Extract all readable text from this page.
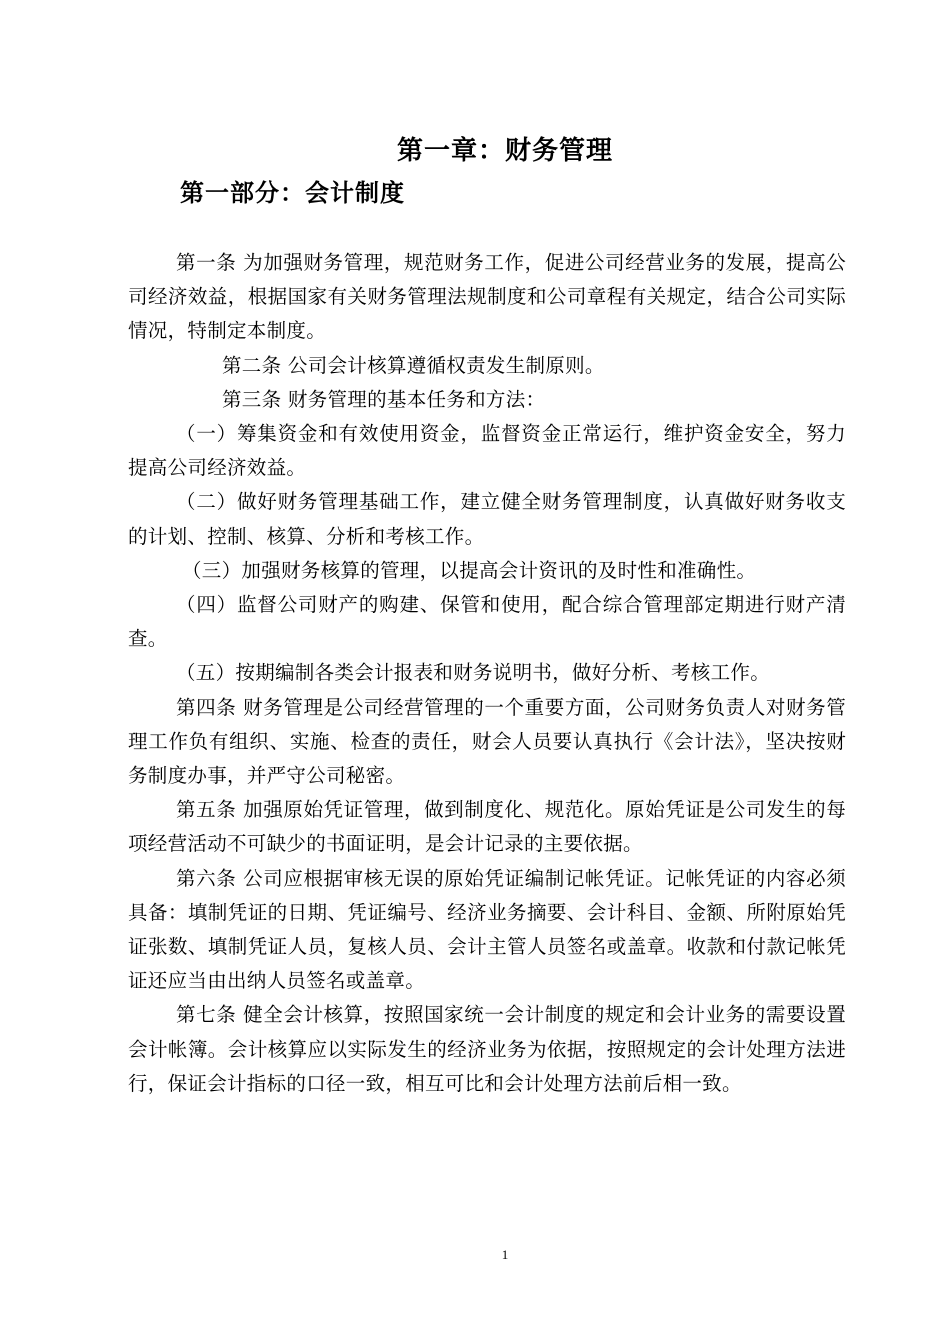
第一章：财务管理
第一部分：会计制度

第一条 为加强财务管理，规范财务工作，促进公司经营业务的发展，提高公司经济效益，根据国家有关财务管理法规制度和公司章程有关规定，结合公司实际情况，特制定本制度。

第二条 公司会计核算遵循权责发生制原则。

第三条 财务管理的基本任务和方法：

（一）筹集资金和有效使用资金，监督资金正常运行，维护资金安全，努力提高公司经济效益。

（二）做好财务管理基础工作，建立健全财务管理制度，认真做好财务收支的计划、控制、核算、分析和考核工作。

（三）加强财务核算的管理，以提高会计资讯的及时性和准确性。

（四）监督公司财产的购建、保管和使用，配合综合管理部定期进行财产清查。

（五）按期编制各类会计报表和财务说明书，做好分析、考核工作。

第四条 财务管理是公司经营管理的一个重要方面，公司财务负责人对财务管理工作负有组织、实施、检查的责任，财会人员要认真执行《会计法》，坚决按财务制度办事，并严守公司秘密。

第五条 加强原始凭证管理，做到制度化、规范化。原始凭证是公司发生的每项经营活动不可缺少的书面证明，是会计记录的主要依据。

第六条 公司应根据审核无误的原始凭证编制记帐凭证。记帐凭证的内容必须具备：填制凭证的日期、凭证编号、经济业务摘要、会计科目、金额、所附原始凭证张数、填制凭证人员，复核人员、会计主管人员签名或盖章。收款和付款记帐凭证还应当由出纳人员签名或盖章。

第七条 健全会计核算，按照国家统一会计制度的规定和会计业务的需要设置会计帐簿。会计核算应以实际发生的经济业务为依据，按照规定的会计处理方法进行，保证会计指标的口径一致，相互可比和会计处理方法前后相一致。

1
